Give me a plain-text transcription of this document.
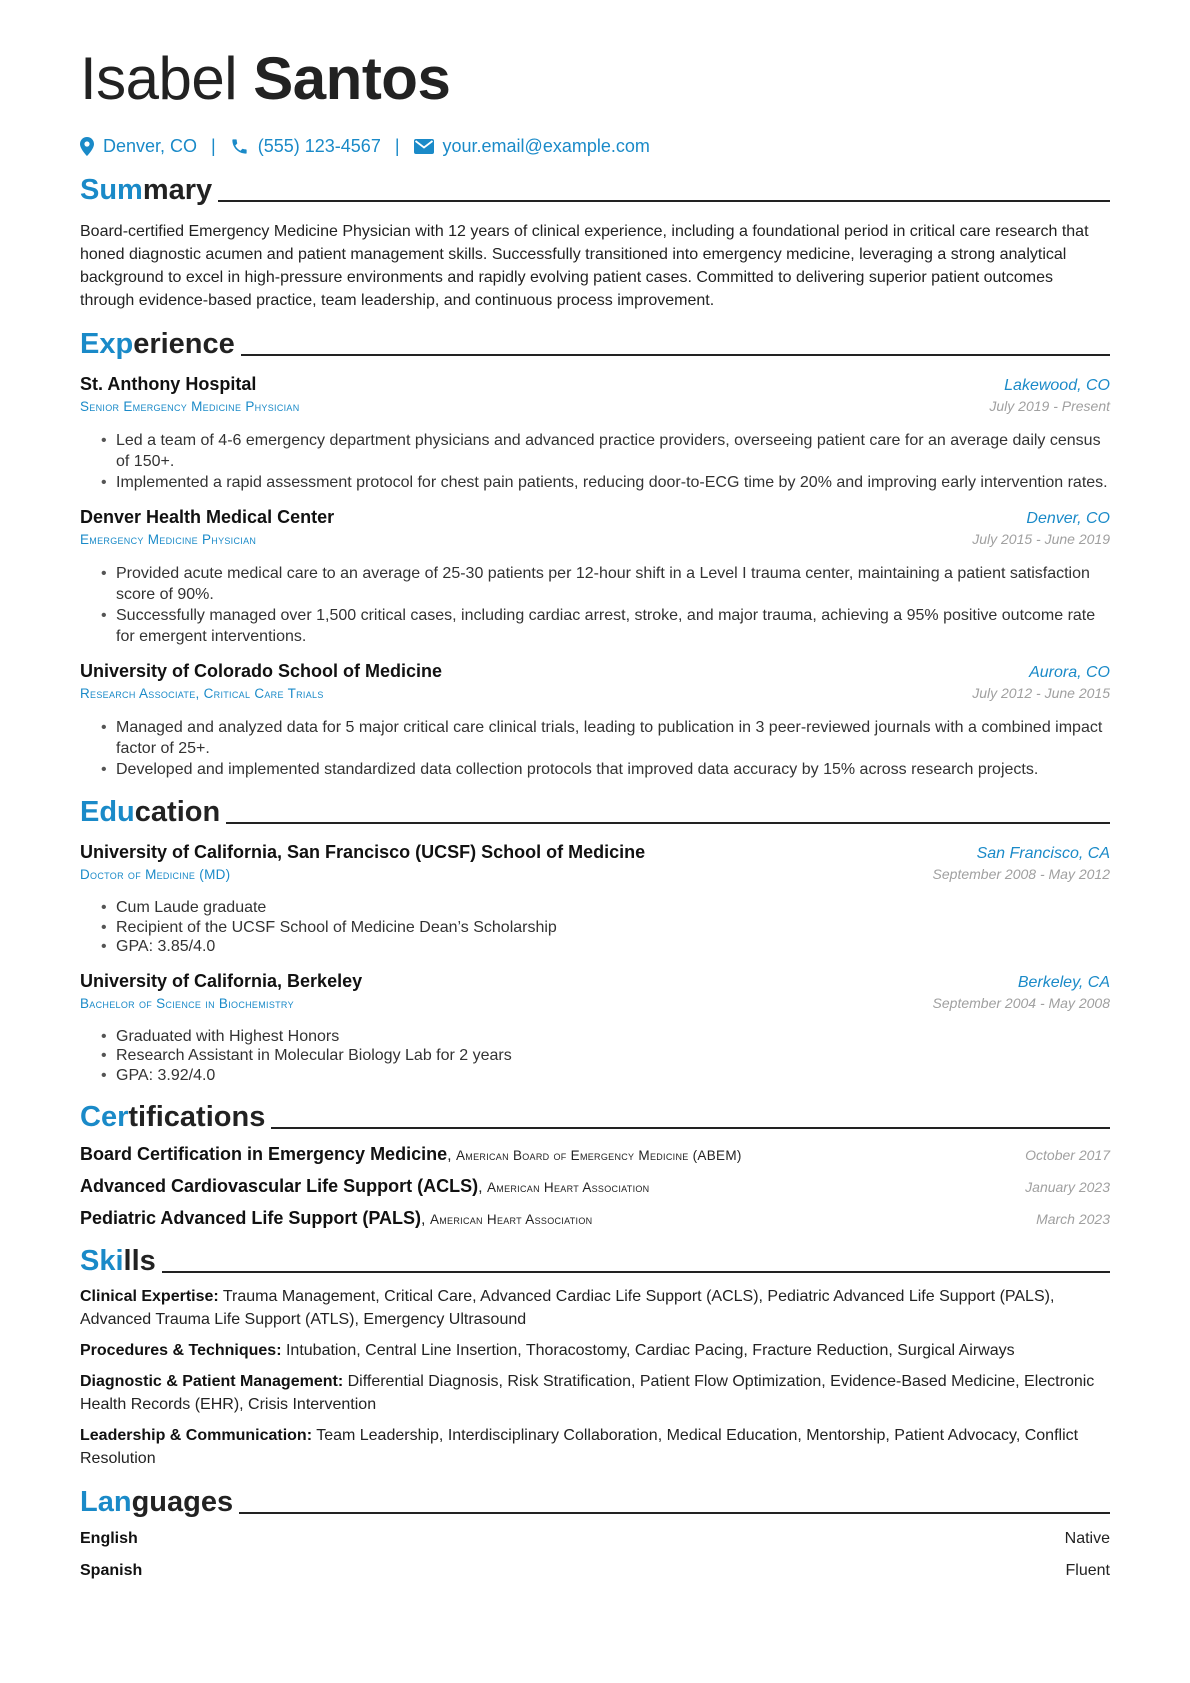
Isabel Santos
Denver, CO | (555) 123-4567 | your.email@example.com
Summary

Board-certified Emergency Medicine Physician with 12 years of clinical experience, including a foundational period in critical care research that honed diagnostic acumen and patient management skills. Successfully transitioned into emergency medicine, leveraging a strong analytical background to excel in high-pressure environments and rapidly evolving patient cases. Committed to delivering superior patient outcomes through evidence-based practice, team leadership, and continuous process improvement.

Experience
St. Anthony Hospital	Lakewood, CO
Senior Emergency Medicine Physician	July 2019 - Present
• Led a team of 4-6 emergency department physicians and advanced practice providers, overseeing patient care for an average daily census of 150+.
• Implemented a rapid assessment protocol for chest pain patients, reducing door-to-ECG time by 20% and improving early intervention rates.
Denver Health Medical Center	Denver, CO
Emergency Medicine Physician	July 2015 - June 2019
• Provided acute medical care to an average of 25-30 patients per 12-hour shift in a Level I trauma center, maintaining a patient satisfaction score of 90%.
• Successfully managed over 1,500 critical cases, including cardiac arrest, stroke, and major trauma, achieving a 95% positive outcome rate for emergent interventions.
University of Colorado School of Medicine	Aurora, CO
Research Associate, Critical Care Trials	July 2012 - June 2015
• Managed and analyzed data for 5 major critical care clinical trials, leading to publication in 3 peer-reviewed journals with a combined impact factor of 25+.
• Developed and implemented standardized data collection protocols that improved data accuracy by 15% across research projects.
Education
University of California, San Francisco (UCSF) School of Medicine	San Francisco, CA
Doctor of Medicine (MD)	September 2008 - May 2012
• Cum Laude graduate
• Recipient of the UCSF School of Medicine Dean’s Scholarship
• GPA: 3.85/4.0
University of California, Berkeley	Berkeley, CA
Bachelor of Science in Biochemistry	September 2004 - May 2008
• Graduated with Highest Honors
• Research Assistant in Molecular Biology Lab for 2 years
• GPA: 3.92/4.0
Certifications
Board Certification in Emergency Medicine, American Board of Emergency Medicine (ABEM)	October 2017
Advanced Cardiovascular Life Support (ACLS), American Heart Association	January 2023
Pediatric Advanced Life Support (PALS), American Heart Association	March 2023
Skills
Clinical Expertise: Trauma Management, Critical Care, Advanced Cardiac Life Support (ACLS), Pediatric Advanced Life Support (PALS), Advanced Trauma Life Support (ATLS), Emergency Ultrasound
Procedures & Techniques: Intubation, Central Line Insertion, Thoracostomy, Cardiac Pacing, Fracture Reduction, Surgical Airways
Diagnostic & Patient Management: Differential Diagnosis, Risk Stratification, Patient Flow Optimization, Evidence-Based Medicine, Electronic Health Records (EHR), Crisis Intervention
Leadership & Communication: Team Leadership, Interdisciplinary Collaboration, Medical Education, Mentorship, Patient Advocacy, Conflict Resolution
Languages
English	Native
Spanish	Fluent
